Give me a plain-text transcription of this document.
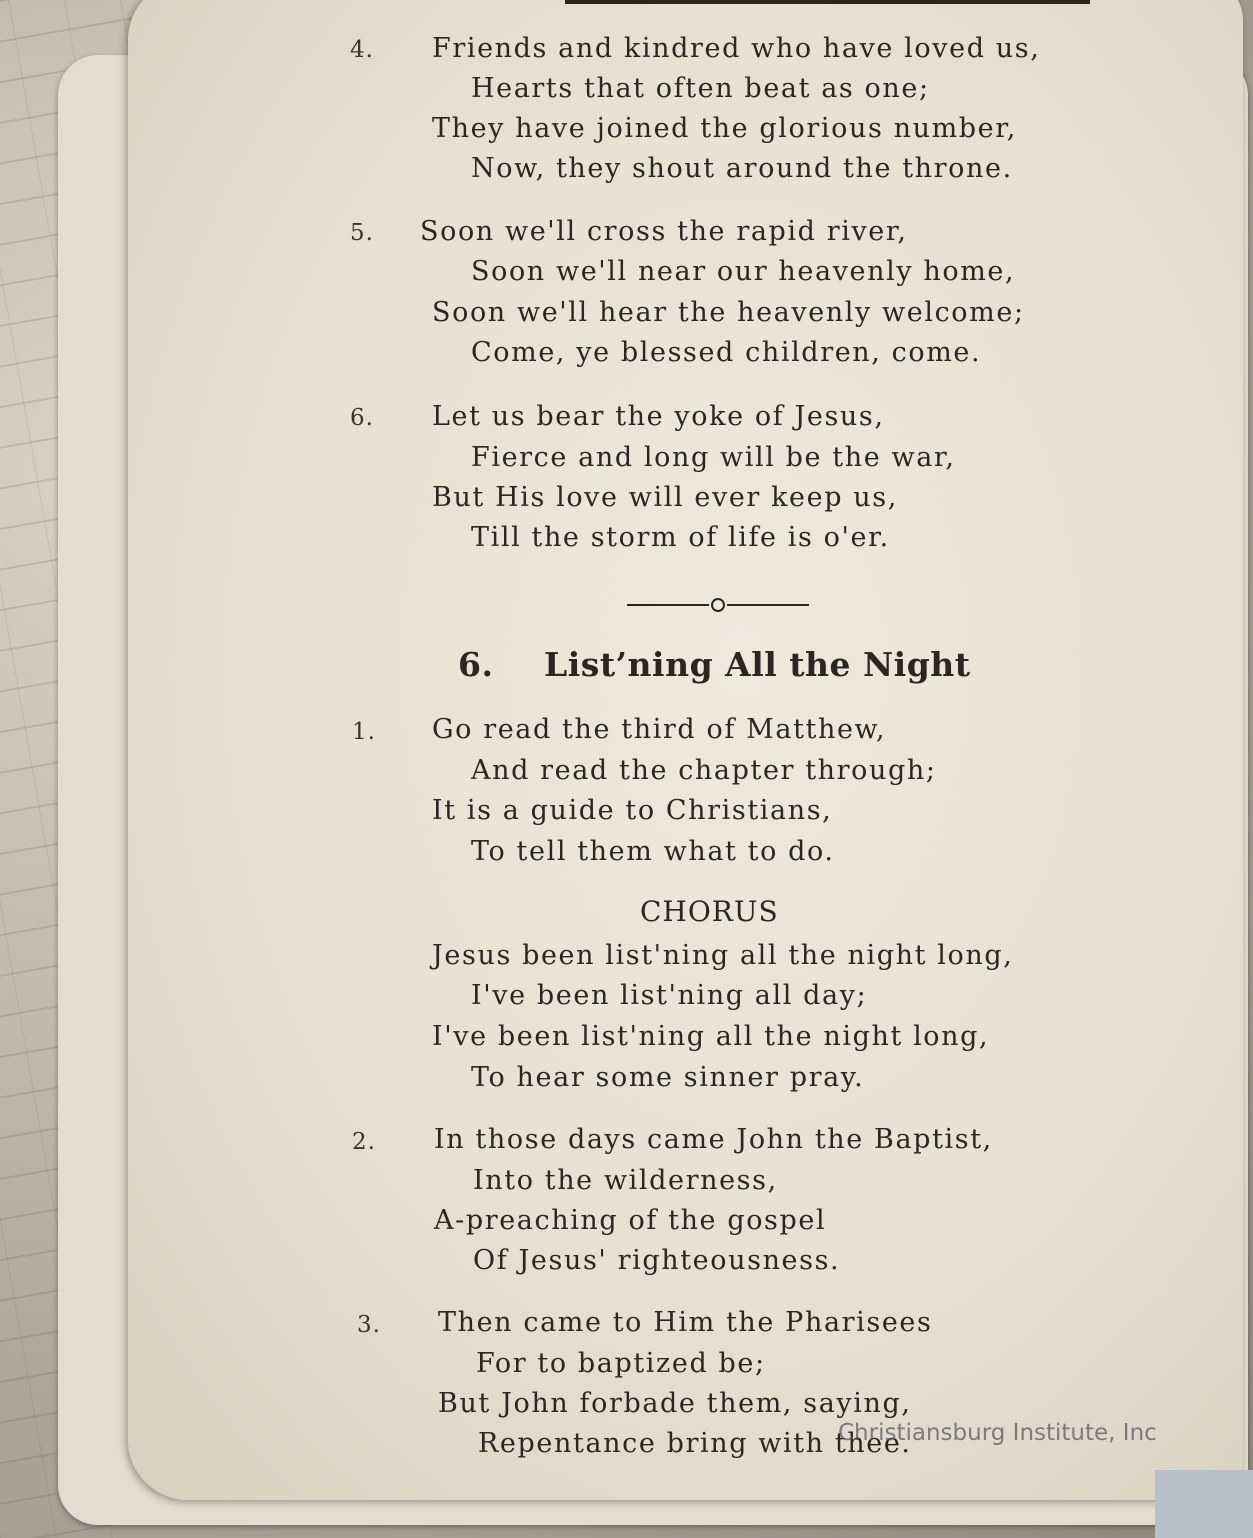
4. Friends and kindred who have loved us,
Hearts that often beat as one;
They have joined the glorious number,
Now, they shout around the throne.
5. Soon we'll cross the rapid river,
Soon we'll near our heavenly home,
Soon we'll hear the heavenly welcome;
Come, ye blessed children, come.
6. Let us bear the yoke of Jesus,
Fierce and long will be the war,
But His love will ever keep us,
Till the storm of life is o'er.
6. List’ning All the Night
1. Go read the third of Matthew,
And read the chapter through;
It is a guide to Christians,
To tell them what to do.
CHORUS
Jesus been list'ning all the night long,
I've been list'ning all day;
I've been list'ning all the night long,
To hear some sinner pray.
2. In those days came John the Baptist,
Into the wilderness,
A-preaching of the gospel
Of Jesus' righteousness.
3. Then came to Him the Pharisees
For to baptized be;
But John forbade them, saying,
Repentance bring with thee.
Christiansburg Institute, Inc
